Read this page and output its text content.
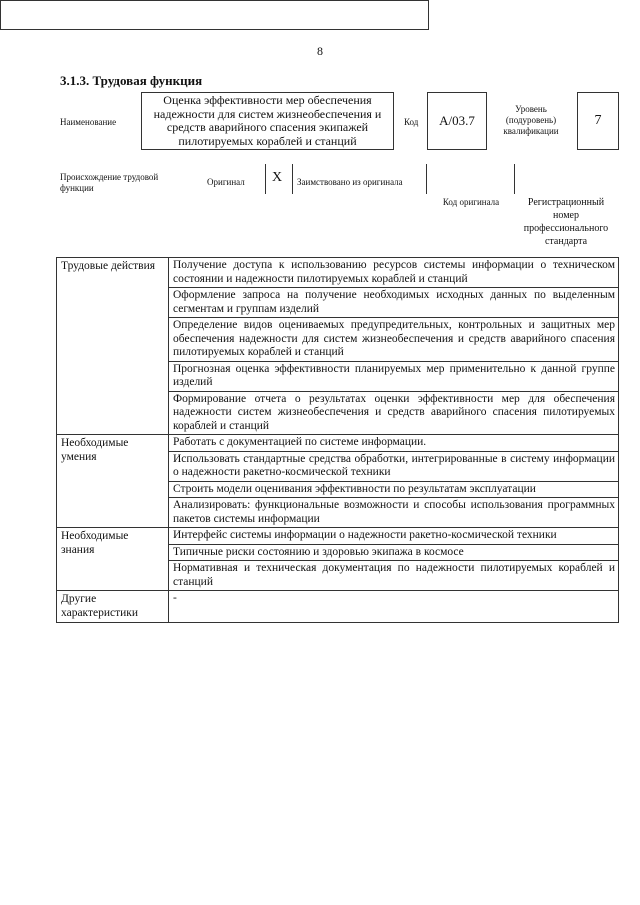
8
3.1.3. Трудовая функция
Наименование
Оценка эффективности мер обеспечения надежности для систем жизнеобеспечения и средств аварийного спасения экипажей пилотируемых кораблей и станций
Код	А/03.7
Уровень (подуровень) квалификации
7
Происхождение трудовой функции
Оригинал X Заимствовано из оригинала
Код оригинала	Регистрационный номер профессионального стандарта
Трудовые действия	Получение доступа к использованию ресурсов системы информации о техническом состоянии и надежности пилотируемых кораблей и станций
	Оформление запроса на получение необходимых исходных данных по выделенным сегментам и группам изделий
	Определение видов оцениваемых предупредительных, контрольных и защитных мер обеспечения надежности для систем жизнеобеспечения и средств аварийного спасения пилотируемых кораблей и станций
	Прогнозная оценка эффективности планируемых мер применительно к данной группе изделий
	Формирование отчета о результатах оценки эффективности мер для обеспечения надежности систем жизнеобеспечения и средств аварийного спасения пилотируемых кораблей и станций
Необходимые умения	Работать с документацией по системе информации.
	Использовать стандартные средства обработки, интегрированные в систему информации о надежности ракетно-космической техники
	Строить модели оценивания эффективности по результатам эксплуатации
	Анализировать: функциональные возможности и способы использования программных пакетов системы информации
Необходимые знания	Интерфейс системы информации о надежности ракетно-космической техники
	Типичные риски состоянию и здоровью экипажа в космосе
	Нормативная и техническая документация по надежности пилотируемых кораблей и станций
Другие характеристики	-
